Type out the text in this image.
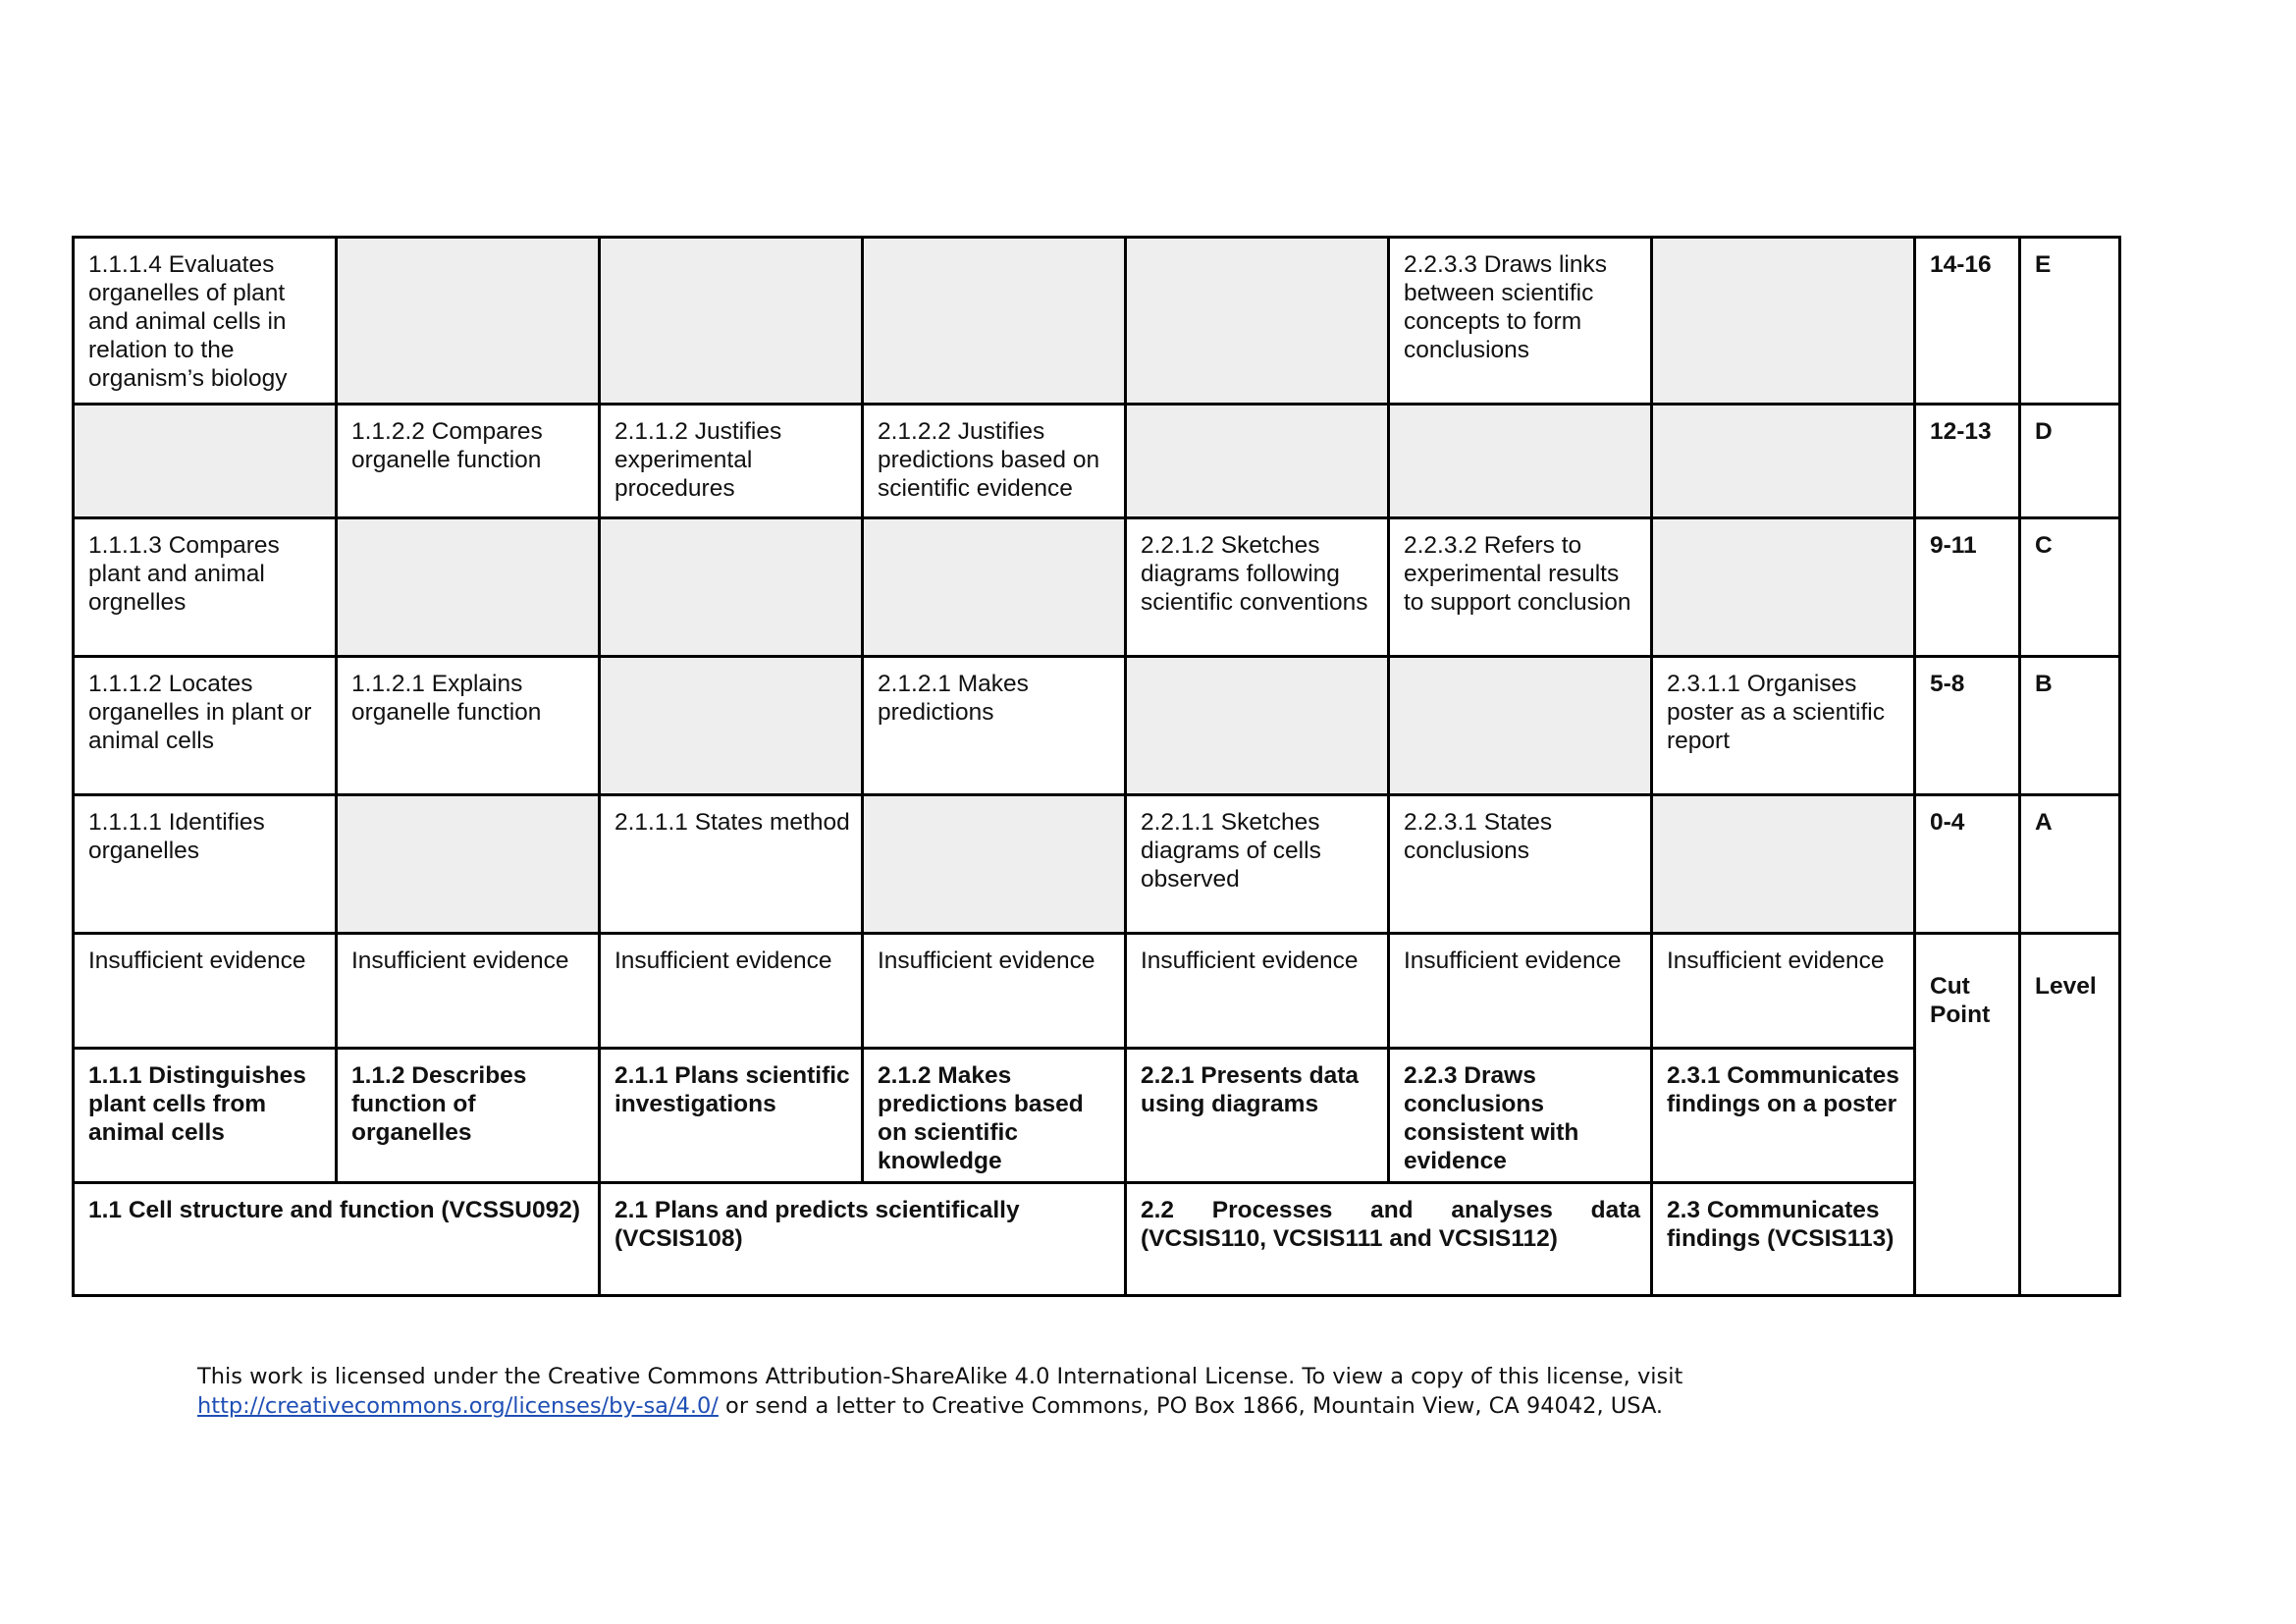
1.1.1.4 Evaluates organelles of plant and animal cells in relation to the organism’s biology					2.2.3.3 Draws links between scientific concepts to form conclusions		14-16	E
	1.1.2.2 Compares organelle function	2.1.1.2 Justifies experimental procedures	2.1.2.2 Justifies predictions based on scientific evidence				12-13	D
1.1.1.3 Compares plant and animal orgnelles				2.2.1.2 Sketches diagrams following scientific conventions	2.2.3.2 Refers to experimental results to support conclusion		9-11	C
1.1.1.2 Locates organelles in plant or animal cells	1.1.2.1 Explains organelle function		2.1.2.1 Makes predictions			2.3.1.1 Organises poster as a scientific report	5-8	B
1.1.1.1 Identifies organelles		2.1.1.1 States method		2.2.1.1 Sketches diagrams of cells observed	2.2.3.1 States conclusions		0-4	A
Insufficient evidence	Insufficient evidence	Insufficient evidence	Insufficient evidence	Insufficient evidence	Insufficient evidence	Insufficient evidence	Cut Point	Level
1.1.1 Distinguishes plant cells from animal cells	1.1.2 Describes function of organelles	2.1.1 Plans scientific investigations	2.1.2 Makes predictions based on scientific knowledge	2.2.1 Presents data using diagrams	2.2.3 Draws conclusions consistent with evidence	2.3.1 Communicates findings on a poster		
1.1 Cell structure and function (VCSSU092)		2.1 Plans and predicts scientifically (VCSIS108)		2.2 Processes and analyses data (VCSIS110, VCSIS111 and VCSIS112)		2.3 Communicates findings (VCSIS113)		
This work is licensed under the Creative Commons Attribution-ShareAlike 4.0 International License. To view a copy of this license, visit http://creativecommons.org/licenses/by-sa/4.0/ or send a letter to Creative Commons, PO Box 1866, Mountain View, CA 94042, USA.
